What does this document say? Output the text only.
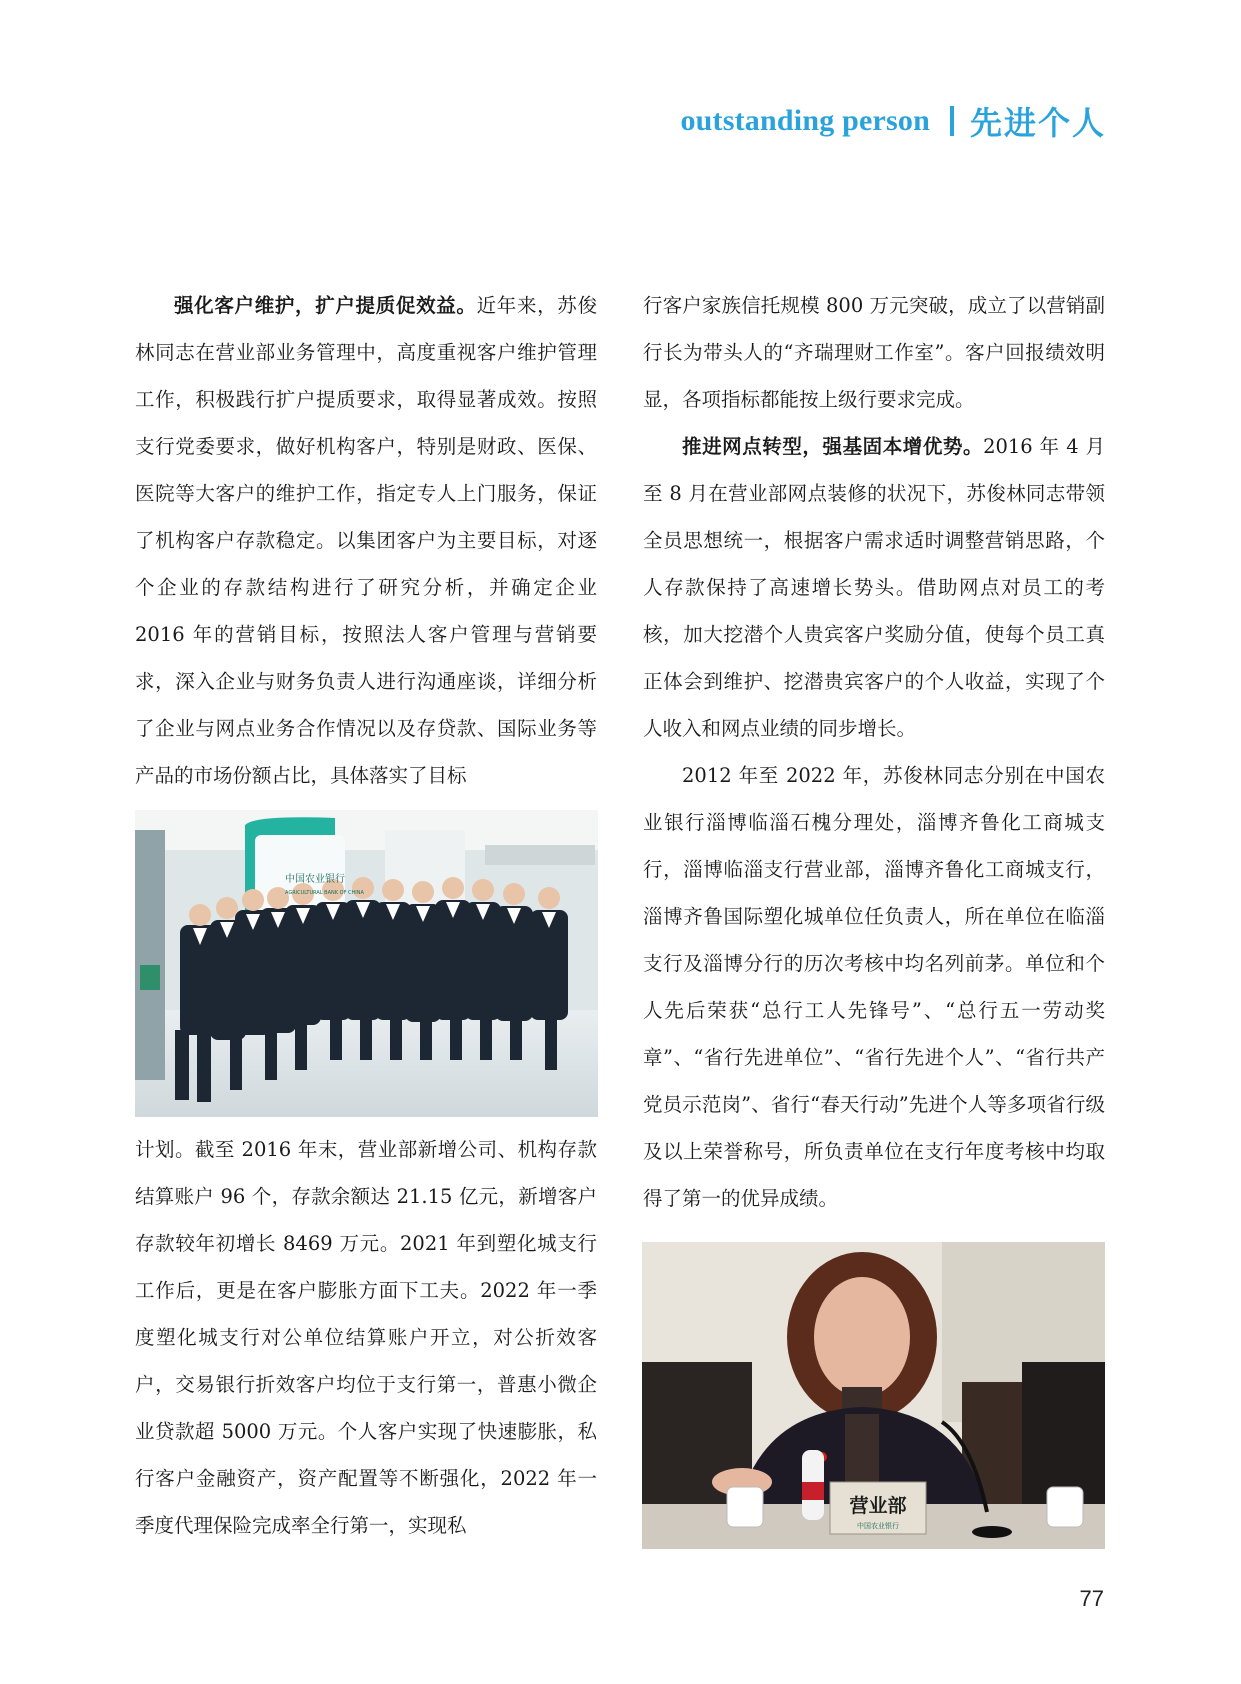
outstanding person 先进个人

强化客户维护，扩户提质促效益。近年来，苏俊林同志在营业部业务管理中，高度重视客户维护管理工作，积极践行扩户提质要求，取得显著成效。按照支行党委要求，做好机构客户，特别是财政、医保、医院等大客户的维护工作，指定专人上门服务，保证了机构客户存款稳定。以集团客户为主要目标，对逐个企业的存款结构进行了研究分析，并确定企业 2016 年的营销目标，按照法人客户管理与营销要求，深入企业与财务负责人进行沟通座谈，详细分析了企业与网点业务合作情况以及存贷款、国际业务等产品的市场份额占比，具体落实了目标

中国农业银行
AGRICULTURAL BANK OF CHINA

计划。截至 2016 年末，营业部新增公司、机构存款结算账户 96 个，存款余额达 21.15 亿元，新增客户存款较年初增长 8469 万元。2021 年到塑化城支行工作后，更是在客户膨胀方面下工夫。2022 年一季度塑化城支行对公单位结算账户开立，对公折效客户，交易银行折效客户均位于支行第一，普惠小微企业贷款超 5000 万元。个人客户实现了快速膨胀，私行客户金融资产，资产配置等不断强化，2022 年一季度代理保险完成率全行第一，实现私

行客户家族信托规模 800 万元突破，成立了以营销副行长为带头人的“齐瑞理财工作室”。客户回报绩效明显，各项指标都能按上级行要求完成。

推进网点转型，强基固本增优势。2016 年 4 月至 8 月在营业部网点装修的状况下，苏俊林同志带领全员思想统一，根据客户需求适时调整营销思路，个人存款保持了高速增长势头。借助网点对员工的考核，加大挖潜个人贵宾客户奖励分值，使每个员工真正体会到维护、挖潜贵宾客户的个人收益，实现了个人收入和网点业绩的同步增长。

2012 年至 2022 年，苏俊林同志分别在中国农业银行淄博临淄石槐分理处，淄博齐鲁化工商城支行，淄博临淄支行营业部，淄博齐鲁化工商城支行，淄博齐鲁国际塑化城单位任负责人，所在单位在临淄支行及淄博分行的历次考核中均名列前茅。单位和个人先后荣获“总行工人先锋号”、“总行五一劳动奖章”、“省行先进单位”、“省行先进个人”、“省行共产党员示范岗”、省行“春天行动”先进个人等多项省行级及以上荣誉称号，所负责单位在支行年度考核中均取得了第一的优异成绩。

营业部
中国农业银行
77
